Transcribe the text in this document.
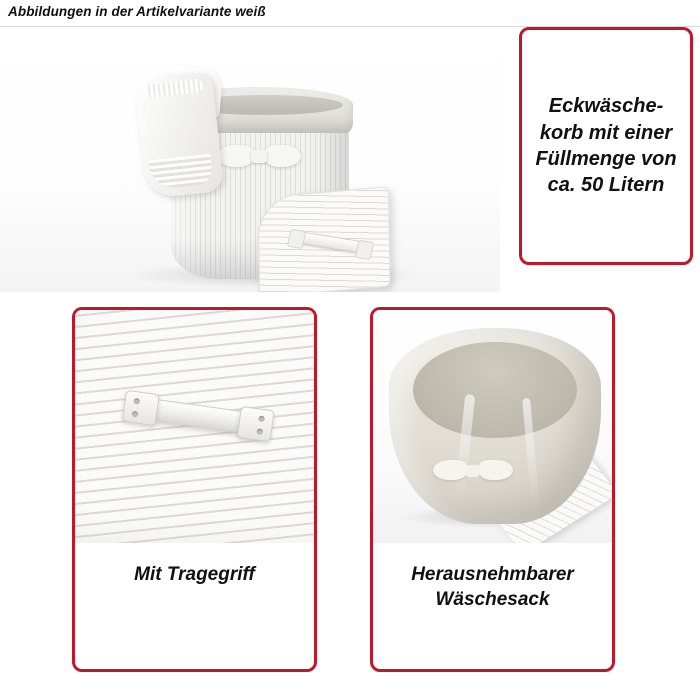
Abbildungen in der Artikelvariante weiß
Eckwäsche-korb mit einer Füllmenge von ca. 50 Litern
Mit Tragegriff	Herausnehmbarer Wäschesack
